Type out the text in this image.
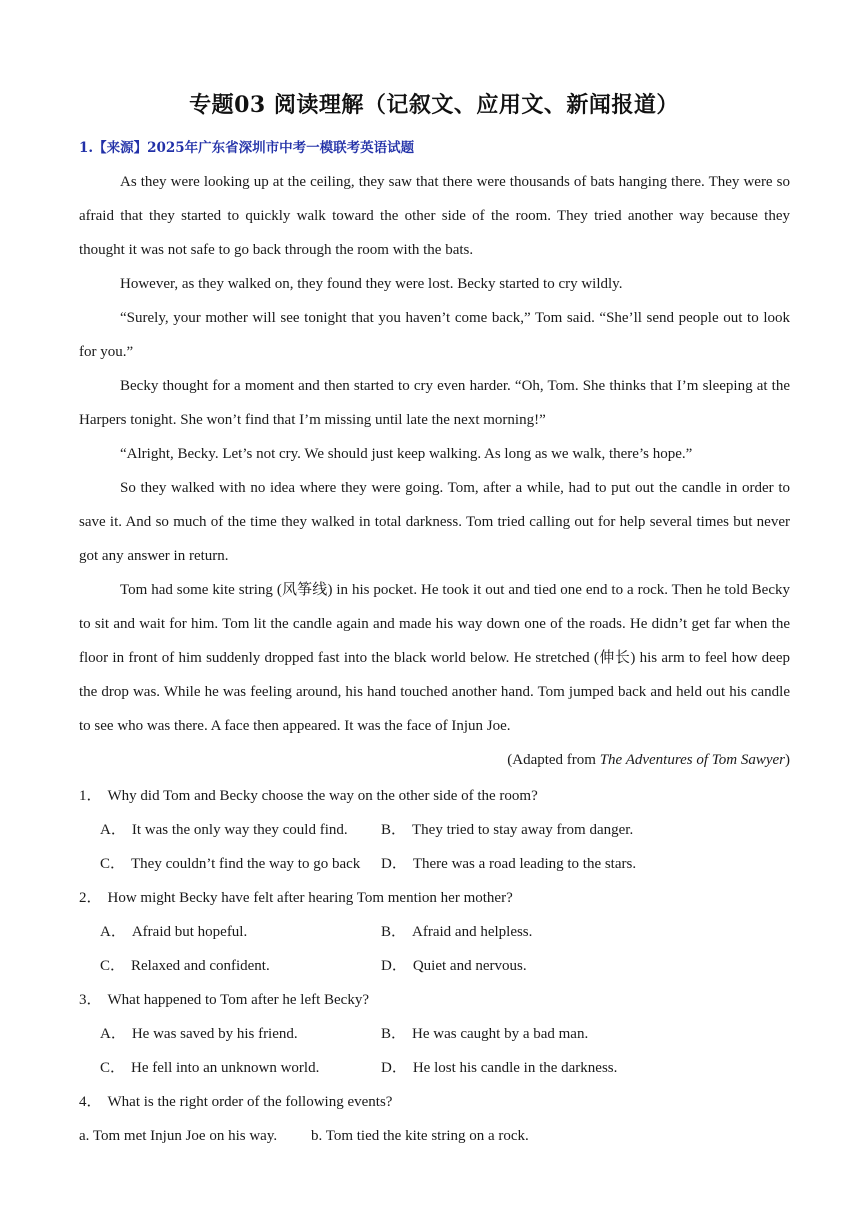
专题03 阅读理解（记叙文、应用文、新闻报道）
1.【来源】2025年广东省深圳市中考一模联考英语试题

As they were looking up at the ceiling, they saw that there were thousands of bats hanging there. They were so afraid that they started to quickly walk toward the other side of the room. They tried another way because they thought it was not safe to go back through the room with the bats.

However, as they walked on, they found they were lost. Becky started to cry wildly.

“Surely, your mother will see tonight that you haven’t come back,” Tom said. “She’ll send people out to look for you.”

Becky thought for a moment and then started to cry even harder. “Oh, Tom. She thinks that I’m sleeping at the Harpers tonight. She won’t find that I’m missing until late the next morning!”

“Alright, Becky. Let’s not cry. We should just keep walking. As long as we walk, there’s hope.”

So they walked with no idea where they were going. Tom, after a while, had to put out the candle in order to save it. And so much of the time they walked in total darkness. Tom tried calling out for help several times but never got any answer in return.

Tom had some kite string (风筝线) in his pocket. He took it out and tied one end to a rock. Then he told Becky to sit and wait for him. Tom lit the candle again and made his way down one of the roads. He didn’t get far when the floor in front of him suddenly dropped fast into the black world below. He stretched (伸长) his arm to feel how deep the drop was. While he was feeling around, his hand touched another hand. Tom jumped back and held out his candle to see who was there. A face then appeared. It was the face of Injun Joe.

(Adapted from The Adventures of Tom Sawyer)

1． Why did Tom and Becky choose the way on the other side of the room?

A． It was the only way they could find.	B． They tried to stay away from danger.
C． They couldn’t find the way to go back	D． There was a road leading to the stars.

2． How might Becky have felt after hearing Tom mention her mother?

A． Afraid but hopeful.	B． Afraid and helpless.
C． Relaxed and confident.	D． Quiet and nervous.

3． What happened to Tom after he left Becky?

A． He was saved by his friend.	B． He was caught by a bad man.
C． He fell into an unknown world.	D． He lost his candle in the darkness.

4． What is the right order of the following events?

a. Tom met Injun Joe on his way.	b. Tom tied the kite string on a rock.
